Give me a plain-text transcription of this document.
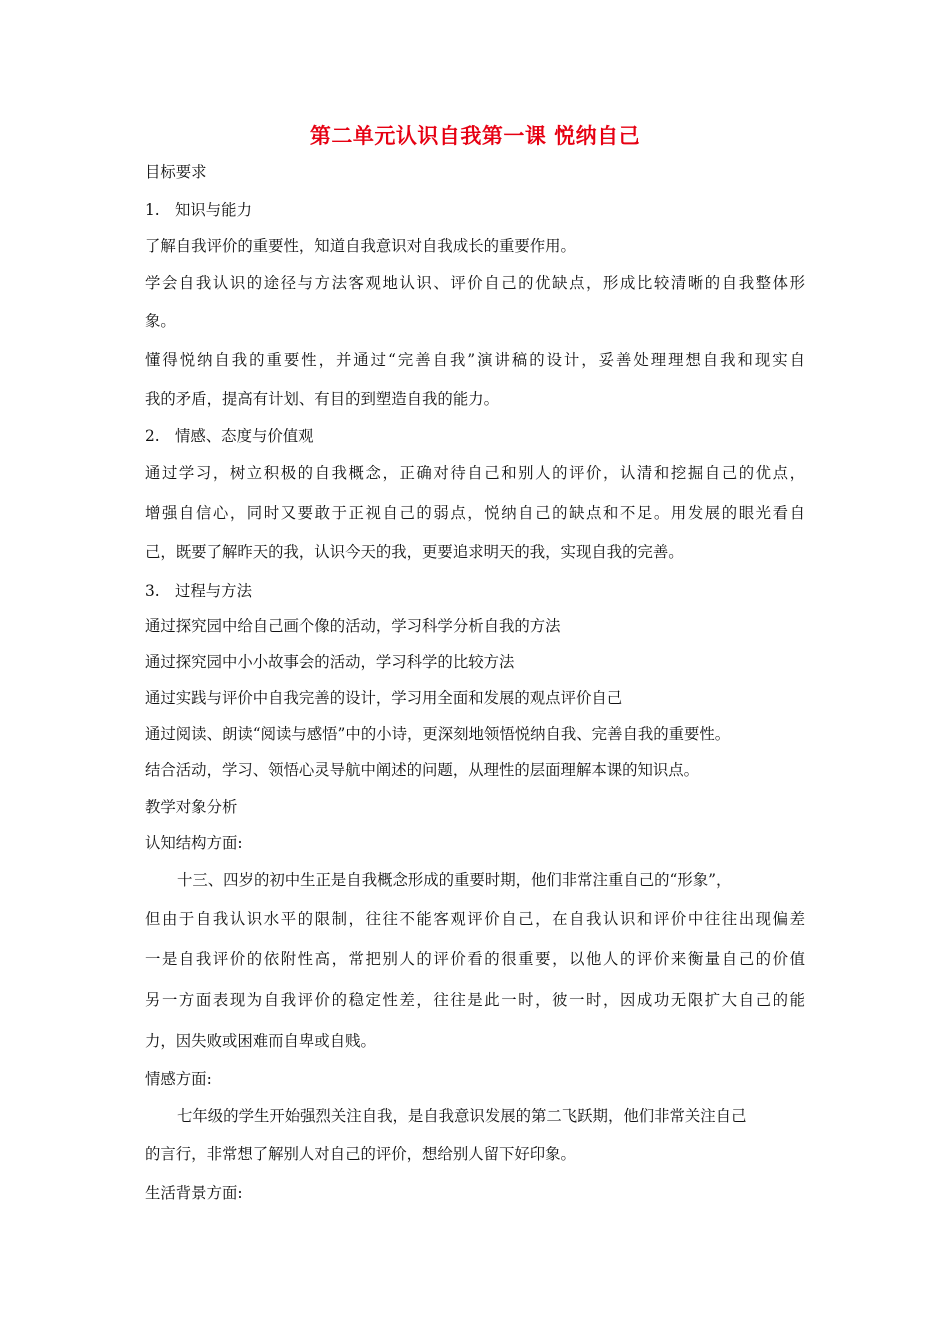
第二单元认识自我第一课 悦纳自己
目标要求
1. 知识与能力
了解自我评价的重要性，知道自我意识对自我成长的重要作用。
学会自我认识的途径与方法客观地认识、评价自己的优缺点，形成比较清晰的自我整体形
象。
懂得悦纳自我的重要性，并通过“完善自我”演讲稿的设计，妥善处理理想自我和现实自
我的矛盾，提高有计划、有目的到塑造自我的能力。
2. 情感、态度与价值观
通过学习，树立积极的自我概念，正确对待自己和别人的评价，认清和挖掘自己的优点，
增强自信心，同时又要敢于正视自己的弱点，悦纳自己的缺点和不足。用发展的眼光看自
己，既要了解昨天的我，认识今天的我，更要追求明天的我，实现自我的完善。
3. 过程与方法
通过探究园中给自己画个像的活动，学习科学分析自我的方法
通过探究园中小小故事会的活动，学习科学的比较方法
通过实践与评价中自我完善的设计，学习用全面和发展的观点评价自己
通过阅读、朗读“阅读与感悟”中的小诗，更深刻地领悟悦纳自我、完善自我的重要性。
结合活动，学习、领悟心灵导航中阐述的问题，从理性的层面理解本课的知识点。
教学对象分析
认知结构方面:
十三、四岁的初中生正是自我概念形成的重要时期，他们非常注重自己的“形象”，
但由于自我认识水平的限制，往往不能客观评价自己，在自我认识和评价中往往出现偏差
一是自我评价的依附性高，常把别人的评价看的很重要，以他人的评价来衡量自己的价值
另一方面表现为自我评价的稳定性差，往往是此一时，彼一时，因成功无限扩大自己的能
力，因失败或困难而自卑或自贱。
情感方面:
七年级的学生开始强烈关注自我，是自我意识发展的第二飞跃期，他们非常关注自己
的言行，非常想了解别人对自己的评价，想给别人留下好印象。
生活背景方面:
